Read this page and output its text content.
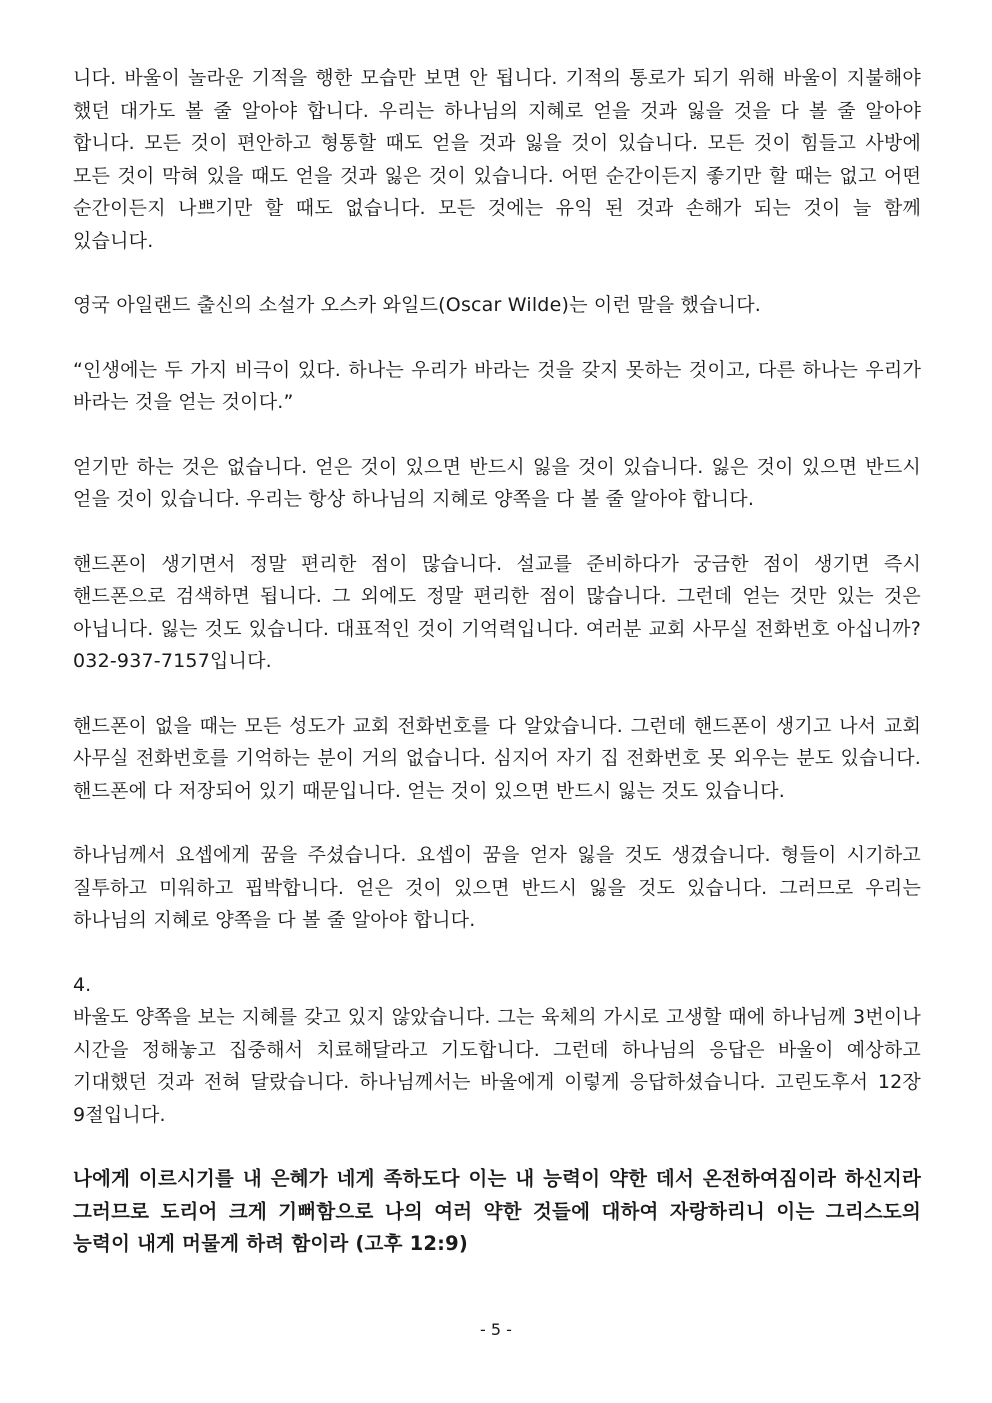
니다. 바울이 놀라운 기적을 행한 모습만 보면 안 됩니다. 기적의 통로가 되기 위해 바울이 지불해야 했던 대가도 볼 줄 알아야 합니다. 우리는 하나님의 지혜로 얻을 것과 잃을 것을 다 볼 줄 알아야 합니다. 모든 것이 편안하고 형통할 때도 얻을 것과 잃을 것이 있습니다. 모든 것이 힘들고 사방에 모든 것이 막혀 있을 때도 얻을 것과 잃은 것이 있습니다. 어떤 순간이든지 좋기만 할 때는 없고 어떤 순간이든지 나쁘기만 할 때도 없습니다. 모든 것에는 유익 된 것과 손해가 되는 것이 늘 함께 있습니다.

영국 아일랜드 출신의 소설가 오스카 와일드(Oscar Wilde)는 이런 말을 했습니다.

“인생에는 두 가지 비극이 있다. 하나는 우리가 바라는 것을 갖지 못하는 것이고, 다른 하나는 우리가 바라는 것을 얻는 것이다.”

얻기만 하는 것은 없습니다. 얻은 것이 있으면 반드시 잃을 것이 있습니다. 잃은 것이 있으면 반드시 얻을 것이 있습니다. 우리는 항상 하나님의 지혜로 양쪽을 다 볼 줄 알아야 합니다.

핸드폰이 생기면서 정말 편리한 점이 많습니다. 설교를 준비하다가 궁금한 점이 생기면 즉시 핸드폰으로 검색하면 됩니다. 그 외에도 정말 편리한 점이 많습니다. 그런데 얻는 것만 있는 것은 아닙니다. 잃는 것도 있습니다. 대표적인 것이 기억력입니다. 여러분 교회 사무실 전화번호 아십니까? 032-937-7157입니다.

핸드폰이 없을 때는 모든 성도가 교회 전화번호를 다 알았습니다. 그런데 핸드폰이 생기고 나서 교회 사무실 전화번호를 기억하는 분이 거의 없습니다. 심지어 자기 집 전화번호 못 외우는 분도 있습니다. 핸드폰에 다 저장되어 있기 때문입니다. 얻는 것이 있으면 반드시 잃는 것도 있습니다.

하나님께서 요셉에게 꿈을 주셨습니다. 요셉이 꿈을 얻자 잃을 것도 생겼습니다. 형들이 시기하고 질투하고 미워하고 핍박합니다. 얻은 것이 있으면 반드시 잃을 것도 있습니다. 그러므로 우리는 하나님의 지혜로 양쪽을 다 볼 줄 알아야 합니다.

4.

바울도 양쪽을 보는 지혜를 갖고 있지 않았습니다. 그는 육체의 가시로 고생할 때에 하나님께 3번이나 시간을 정해놓고 집중해서 치료해달라고 기도합니다. 그런데 하나님의 응답은 바울이 예상하고 기대했던 것과 전혀 달랐습니다. 하나님께서는 바울에게 이렇게 응답하셨습니다. 고린도후서 12장 9절입니다.

나에게 이르시기를 내 은혜가 네게 족하도다 이는 내 능력이 약한 데서 온전하여짐이라 하신지라 그러므로 도리어 크게 기뻐함으로 나의 여러 약한 것들에 대하여 자랑하리니 이는 그리스도의 능력이 내게 머물게 하려 함이라 (고후 12:9)

- 5 -
